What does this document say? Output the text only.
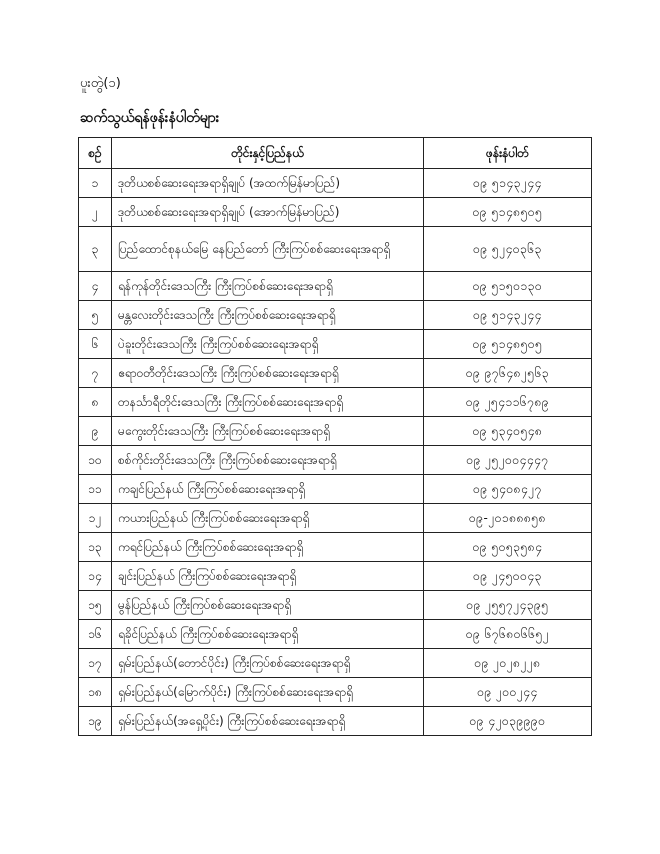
ပူးတွဲ(၁)
ဆက်သွယ်ရန်ဖုန်းနံပါတ်များ
စဉ်	တိုင်းနှင့်ပြည်နယ်	ဖုန်းနံပါတ်
၁	ဒုတိယစစ်ဆေးရေးအရာရှိချုပ် (အထက်မြန်မာပြည်)	၀၉ ၅၁၄၃၂၄၄
၂	ဒုတိယစစ်ဆေးရေးအရာရှိချုပ် (အောက်မြန်မာပြည်)	၀၉ ၅၁၄၈၅၀၅
၃	ပြည်ထောင်စုနယ်မြေ နေပြည်တော် ကြီးကြပ်စစ်ဆေးရေးအရာရှိ	၀၉ ၅၂၄၀၃၆၃
၄	ရန်ကုန်တိုင်းဒေသကြီး ကြီးကြပ်စစ်ဆေးရေးအရာရှိ	၀၉ ၅၁၅၀၁၃၀
၅	မန္တလေးတိုင်းဒေသကြီး ကြီးကြပ်စစ်ဆေးရေးအရာရှိ	၀၉ ၅၁၄၃၂၄၄
၆	ပဲခူးတိုင်းဒေသကြီး ကြီးကြပ်စစ်ဆေးရေးအရာရှိ	၀၉ ၅၁၄၈၅၀၅
၇	ဧရာဝတီတိုင်းဒေသကြီး ကြီးကြပ်စစ်ဆေးရေးအရာရှိ	၀၉ ၉၇၆၄၈၂၅၆၃
၈	တနင်္သာရီတိုင်းဒေသကြီး ကြီးကြပ်စစ်ဆေးရေးအရာရှိ	၀၉ ၂၅၄၁၁၆၇၈၉
၉	မကွေးတိုင်းဒေသကြီး ကြီးကြပ်စစ်ဆေးရေးအရာရှိ	၀၉ ၅၃၄၀၅၄၈
၁၀	စစ်ကိုင်းတိုင်းဒေသကြီး ကြီးကြပ်စစ်ဆေးရေးအရာရှိ	၀၉ ၂၅၂၀၀၄၄၄၇
၁၁	ကချင်ပြည်နယ် ကြီးကြပ်စစ်ဆေးရေးအရာရှိ	၀၉ ၅၄၀၈၄၂၇
၁၂	ကယားပြည်နယ် ကြီးကြပ်စစ်ဆေးရေးအရာရှိ	၀၉-၂၀၁၈၈၈၅၈
၁၃	ကရင်ပြည်နယ် ကြီးကြပ်စစ်ဆေးရေးအရာရှိ	၀၉ ၅၀၅၃၅၈၄
၁၄	ချင်းပြည်နယ် ကြီးကြပ်စစ်ဆေးရေးအရာရှိ	၀၉ ၂၄၅၀၀၄၃
၁၅	မွန်ပြည်နယ် ကြီးကြပ်စစ်ဆေးရေးအရာရှိ	၀၉ ၂၅၅၇၂၄၃၉၅
၁၆	ရခိုင်ပြည်နယ် ကြီးကြပ်စစ်ဆေးရေးအရာရှိ	၀၉ ၆၇၆၈၀၆၆၅၂
၁၇	ရှမ်းပြည်နယ်(တောင်ပိုင်း) ကြီးကြပ်စစ်ဆေးရေးအရာရှိ	၀၉ ၂၀၂၈၂၂၈
၁၈	ရှမ်းပြည်နယ်(မြောက်ပိုင်း) ကြီးကြပ်စစ်ဆေးရေးအရာရှိ	၀၉ ၂၀၀၂၄၄
၁၉	ရှမ်းပြည်နယ်(အရှေ့ပိုင်း) ကြီးကြပ်စစ်ဆေးရေးအရာရှိ	၀၉ ၄၂၀၃၉၉၉၀
